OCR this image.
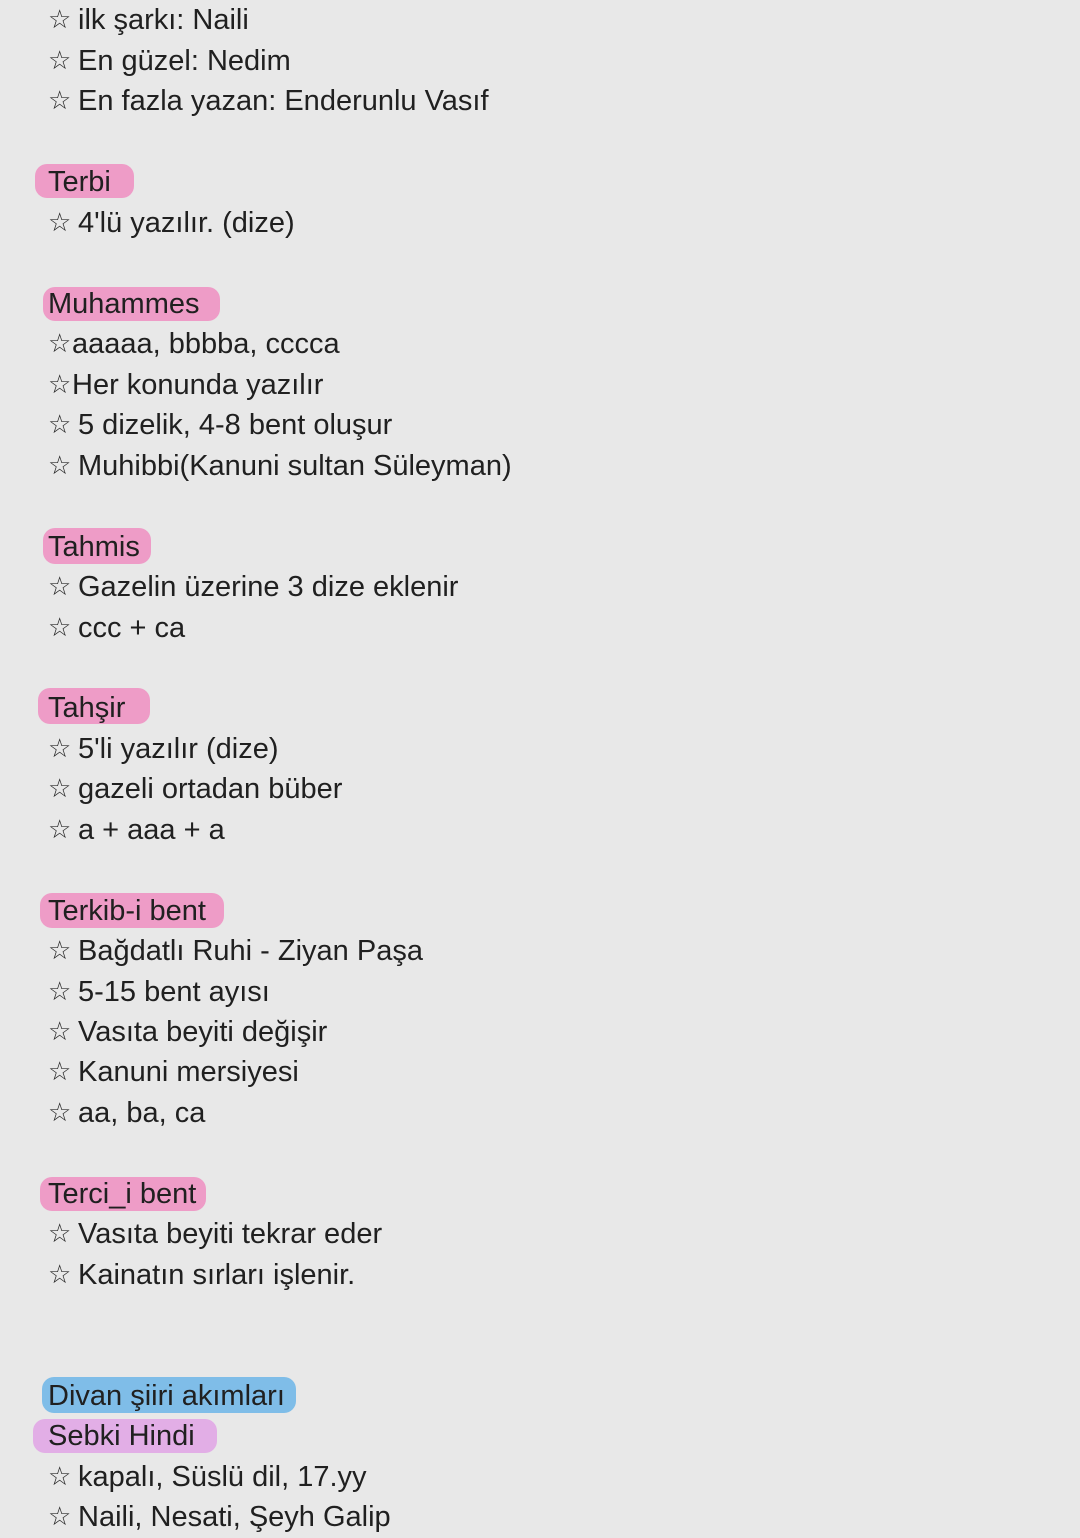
☆ ilk şarkı: Naili
☆ En güzel: Nedim
☆ En fazla yazan: Enderunlu Vasıf
Terbi
☆ 4'lü yazılır. (dize)
Muhammes
☆ aaaaa, bbbba, cccca
☆ Her konunda yazılır
☆ 5 dizelik, 4-8 bent oluşur
☆ Muhibbi(Kanuni sultan Süleyman)
Tahmis
☆ Gazelin üzerine 3 dize eklenir
☆ ccc + ca
Tahşir
☆ 5'li yazılır (dize)
☆ gazeli ortadan büber
☆ a + aaa + a
Terkib-i bent
☆ Bağdatlı Ruhi - Ziyan Paşa
☆ 5-15 bent ayısı
☆ Vasıta beyiti değişir
☆ Kanuni mersiyesi
☆ aa, ba, ca
Terci_i bent
☆ Vasıta beyiti tekrar eder
☆ Kainatın sırları işlenir.
Divan şiiri akımları
Sebki Hindi
☆ kapalı, Süslü dil, 17.yy
☆ Naili, Nesati, Şeyh Galip
